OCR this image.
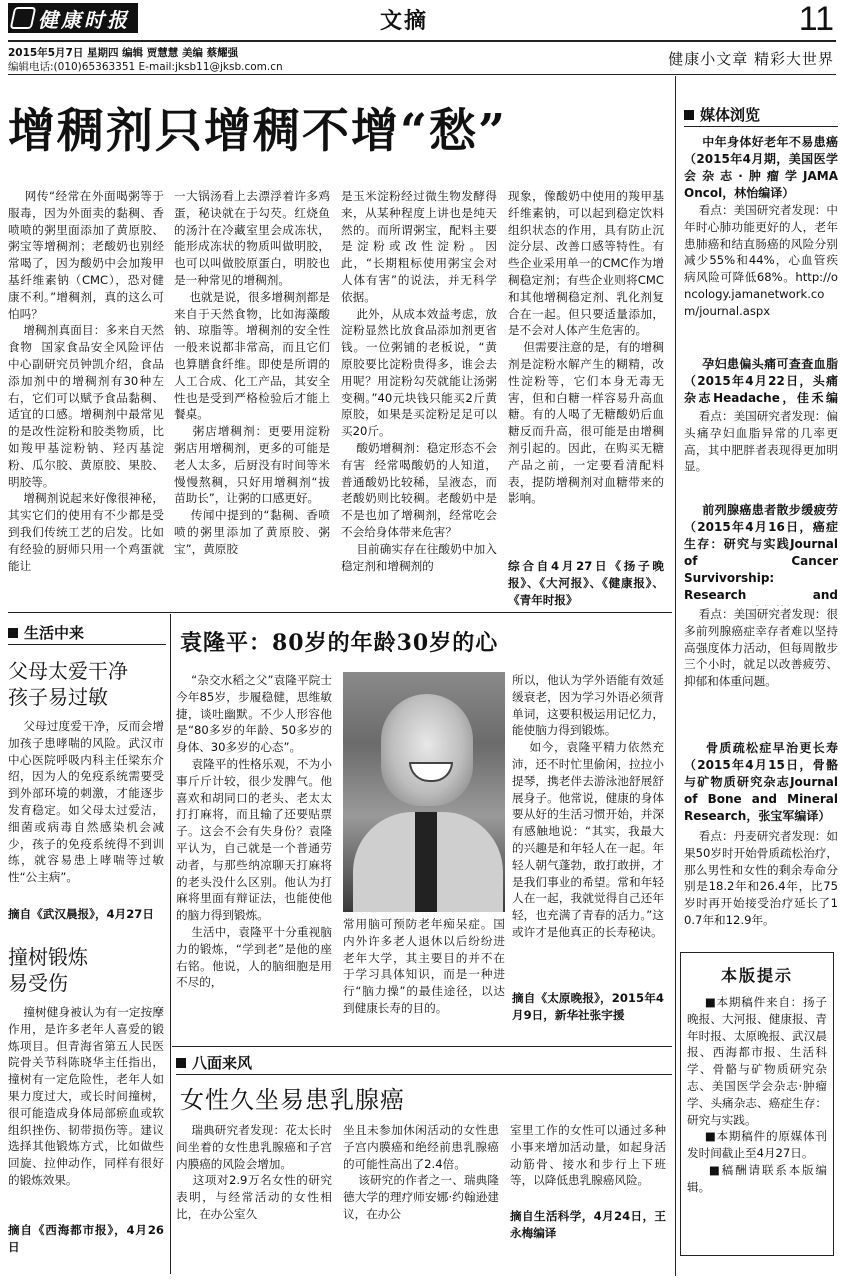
健康时报	文摘	11
2015年5月7日 星期四 编辑 贾慧慧 美编 蔡耀强
编辑电话:(010)65363351 E-mail:jksb11@jksb.com.cn	健康小文章 精彩大世界
增稠剂只增稠不增“愁”
网传“经常在外面喝粥等于服毒，因为外面卖的黏稠、香喷喷的粥里面添加了黄原胶、粥宝等增稠剂；老酸奶也别经常喝了，因为酸奶中会加羧甲基纤维素钠（CMC），恐对健康不利。”增稠剂，真的这么可怕吗？
增稠剂真面目：多来自天然食物  国家食品安全风险评估中心副研究员钟凯介绍，食品添加剂中的增稠剂有30种左右，它们可以赋予食品黏稠、适宜的口感。增稠剂中最常见的是改性淀粉和胶类物质，比如羧甲基淀粉钠、羟丙基淀粉、瓜尔胶、黄原胶、果胶、明胶等。
增稠剂说起来好像很神秘，其实它们的使用有不少都是受到我们传统工艺的启发。比如有经验的厨师只用一个鸡蛋就能让
一大锅汤看上去漂浮着许多鸡蛋，秘诀就在于勾芡。红烧鱼的汤汁在冷藏室里会成冻状，能形成冻状的物质叫做明胶，也可以叫做胶原蛋白，明胶也是一种常见的增稠剂。
也就是说，很多增稠剂都是来自于天然食物，比如海藻酸钠、琼脂等。增稠剂的安全性一般来说都非常高，而且它们也算膳食纤维。即使是所谓的人工合成、化工产品，其安全性也是受到严格检验后才能上餐桌。
粥店增稠剂：更要用淀粉  粥店用增稠剂，更多的可能是老人太多，后厨没有时间等米慢慢熬稠，只好用增稠剂“拔苗助长”，让粥的口感更好。
传闻中提到的“黏稠、香喷喷的粥里添加了黄原胶、粥宝”，黄原胶
是玉米淀粉经过微生物发酵得来，从某种程度上讲也是纯天然的。而所谓粥宝，配料主要是淀粉或改性淀粉。因此，“长期粗标使用粥宝会对人体有害”的说法，并无科学依据。
此外，从成本效益考虑，放淀粉显然比放食品添加剂更省钱。一位粥铺的老板说，“黄原胶要比淀粉贵得多，谁会去用呢？用淀粉勾芡就能让汤粥变稠。”40元块钱只能买2斤黄原胶，如果是买淀粉足足可以买20斤。
酸奶增稠剂：稳定形态不会有害  经常喝酸奶的人知道，普通酸奶比较稀，呈液态，而老酸奶则比较稠。老酸奶中是不是也加了增稠剂，经常吃会不会给身体带来危害？
目前确实存在往酸奶中加入稳定剂和增稠剂的
现象，像酸奶中使用的羧甲基纤维素钠，可以起到稳定饮料组织状态的作用，具有防止沉淀分层、改善口感等特性。有些企业采用单一的CMC作为增稠稳定剂；有些企业则将CMC和其他增稠稳定剂、乳化剂复合在一起。但只要适量添加，是不会对人体产生危害的。
但需要注意的是，有的增稠剂是淀粉水解产生的糊精，改性淀粉等，它们本身无毒无害，但和白糖一样容易升高血糖。有的人喝了无糖酸奶后血糖反而升高，很可能是由增稠剂引起的。因此，在购买无糖产品之前，一定要看清配料表，提防增稠剂对血糖带来的影响。
综合自4月27日《扬子晚报》、《大河报》、《健康报》、《青年时报》
生活中来
父母太爱干净
孩子易过敏
父母过度爱干净，反而会增加孩子患哮喘的风险。武汉市中心医院呼吸内科主任梁东介绍，因为人的免疫系统需要受到外部环境的刺激，才能逐步发育稳定。如父母太过爱洁，细菌或病毒自然感染机会减少，孩子的免疫系统得不到训练，就容易患上哮喘等过敏性“公主病”。
摘自《武汉晨报》，4月27日
撞树锻炼
易受伤
撞树健身被认为有一定按摩作用，是许多老年人喜爱的锻炼项目。但青海省第五人民医院骨关节科陈晓华主任指出，撞树有一定危险性，老年人如果力度过大，或长时间撞树，很可能造成身体局部瘀血或软组织挫伤、韧带损伤等。建议选择其他锻炼方式，比如做些回旋、拉伸动作，同样有很好的锻炼效果。
摘自《西海都市报》，4月26日
袁隆平：80岁的年龄30岁的心
“杂交水稻之父”袁隆平院士今年85岁，步履稳健，思维敏捷，谈吐幽默。不少人形容他是“80多岁的年龄、50多岁的身体、30多岁的心态”。
袁隆平的性格乐观，不为小事斤斤计较，很少发脾气。他喜欢和胡同口的老头、老太太打打麻将，而且输了还要贴票子。这会不会有失身份？袁隆平认为，自己就是一个普通劳动者，与那些纳凉聊天打麻将的老头没什么区别。他认为打麻将里面有辩证法，也能使他的脑力得到锻炼。
生活中，袁隆平十分重视脑力的锻炼，“学到老”是他的座右铭。他说，人的脑细胞是用不尽的，
常用脑可预防老年痴呆症。国内外许多老人退休以后纷纷进老年大学，其主要目的并不在于学习具体知识，而是一种进行“脑力操”的最佳途径，以达到健康长寿的目的。
所以，他认为学外语能有效延缓衰老，因为学习外语必须背单词，这要积极运用记忆力，能使脑力得到锻炼。
如今，袁隆平精力依然充沛，还不时忙里偷闲，拉拉小提琴，携老伴去游泳池舒展舒展身子。他常说，健康的身体要从好的生活习惯开始，并深有感触地说：“其实，我最大的兴趣是和年轻人在一起。年轻人朝气蓬勃，敢打敢拼，才是我们事业的希望。常和年轻人在一起，我就觉得自己还年轻，也充满了青春的活力。”这或许才是他真正的长寿秘诀。
摘自《太原晚报》，2015年4月9日，新华社张宇援
八面来风
女性久坐易患乳腺癌
瑞典研究者发现：花太长时间坐着的女性患乳腺癌和子宫内膜癌的风险会增加。
这项对2.9万名女性的研究表明，与经常活动的女性相比，在办公室久
坐且未参加休闲活动的女性患子宫内膜癌和绝经前患乳腺癌的可能性高出了2.4倍。
该研究的作者之一、瑞典隆德大学的理疗师安娜·约翰逊建议，在办公
室里工作的女性可以通过多种小事来增加活动量，如起身活动筋骨、接水和步行上下班等，以降低患乳腺癌风险。
摘自生活科学，4月24日，王永梅编译
媒体浏览
中年身体好老年不易患癌（2015年4月期，美国医学会杂志·肿瘤学JAMA Oncol，林怡编译）
看点：美国研究者发现：中年时心肺功能更好的人，老年患肺癌和结直肠癌的风险分别减少55%和44%，心血管疾病风险可降低68%。http://oncology.jamanetwork.com/journal.aspx
孕妇患偏头痛可查查血脂（2015年4月22日，头痛杂志Headache，佳禾编
看点：美国研究者发现：偏头痛孕妇血脂异常的几率更高，其中肥胖者表现得更加明显。
前列腺癌患者散步缓疲劳（2015年4月16日，癌症生存：研究与实践Journal of Cancer Survivorship: Research and
看点：美国研究者发现：很多前列腺癌症幸存者难以坚持高强度体力活动，但每周散步三个小时，就足以改善疲劳、抑郁和体重问题。
骨质疏松症早治更长寿（2015年4月15日，骨骼与矿物质研究杂志Journal of Bone and Mineral Research，张宝军编译）
看点：丹麦研究者发现：如果50岁时开始骨质疏松治疗，那么男性和女性的剩余寿命分别是18.2年和26.4年，比75岁时再开始接受治疗延长了10.7年和12.9年。
本版提示
■本期稿件来自：扬子晚报、大河报、健康报、青年时报、太原晚报、武汉晨报、西海都市报、生活科学、骨骼与矿物质研究杂志、美国医学会杂志·肿瘤学、头痛杂志、癌症生存：研究与实践。
■本期稿件的原媒体刊发时间截止至4月27日。
■稿酬请联系本版编辑。
